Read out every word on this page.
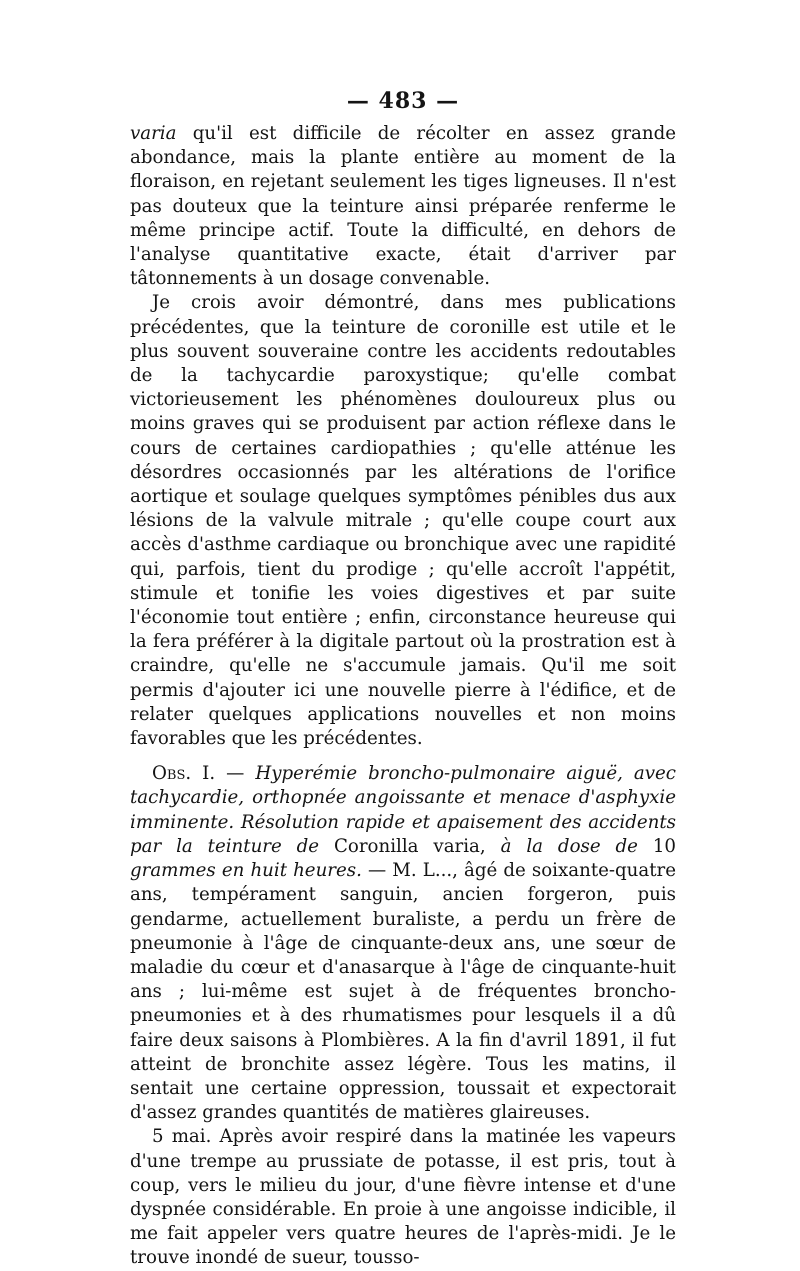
— 483 —

varia qu'il est difficile de récolter en assez grande abondance, mais la plante entière au moment de la floraison, en rejetant seulement les tiges ligneuses. Il n'est pas douteux que la teinture ainsi préparée renferme le même principe actif. Toute la difficulté, en dehors de l'analyse quantitative exacte, était d'arriver par tâtonnements à un dosage convenable.

Je crois avoir démontré, dans mes publications précédentes, que la teinture de coronille est utile et le plus souvent souveraine contre les accidents redoutables de la tachycardie paroxystique; qu'elle combat victorieusement les phénomènes douloureux plus ou moins graves qui se produisent par action réflexe dans le cours de certaines cardiopathies ; qu'elle atténue les désordres occasionnés par les altérations de l'orifice aortique et soulage quelques symptômes pénibles dus aux lésions de la valvule mitrale ; qu'elle coupe court aux accès d'asthme cardiaque ou bronchique avec une rapidité qui, parfois, tient du prodige ; qu'elle accroît l'appétit, stimule et tonifie les voies digestives et par suite l'économie tout entière ; enfin, circonstance heureuse qui la fera préférer à la digitale partout où la prostration est à craindre, qu'elle ne s'accumule jamais. Qu'il me soit permis d'ajouter ici une nouvelle pierre à l'édifice, et de relater quelques applications nouvelles et non moins favorables que les précédentes.

Obs. I. — Hyperémie broncho-pulmonaire aiguë, avec tachycardie, orthopnée angoissante et menace d'asphyxie imminente. Résolution rapide et apaisement des accidents par la teinture de Coronilla varia, à la dose de 10 grammes en huit heures. — M. L..., âgé de soixante-quatre ans, tempérament sanguin, ancien forgeron, puis gendarme, actuellement buraliste, a perdu un frère de pneumonie à l'âge de cinquante-deux ans, une sœur de maladie du cœur et d'anasarque à l'âge de cinquante-huit ans ; lui-même est sujet à de fréquentes broncho-pneumonies et à des rhumatismes pour lesquels il a dû faire deux saisons à Plombières. A la fin d'avril 1891, il fut atteint de bronchite assez légère. Tous les matins, il sentait une certaine oppression, toussait et expectorait d'assez grandes quantités de matières glaireuses.

5 mai. Après avoir respiré dans la matinée les vapeurs d'une trempe au prussiate de potasse, il est pris, tout à coup, vers le milieu du jour, d'une fièvre intense et d'une dyspnée considérable. En proie à une angoisse indicible, il me fait appeler vers quatre heures de l'après-midi. Je le trouve inondé de sueur, tousso-
